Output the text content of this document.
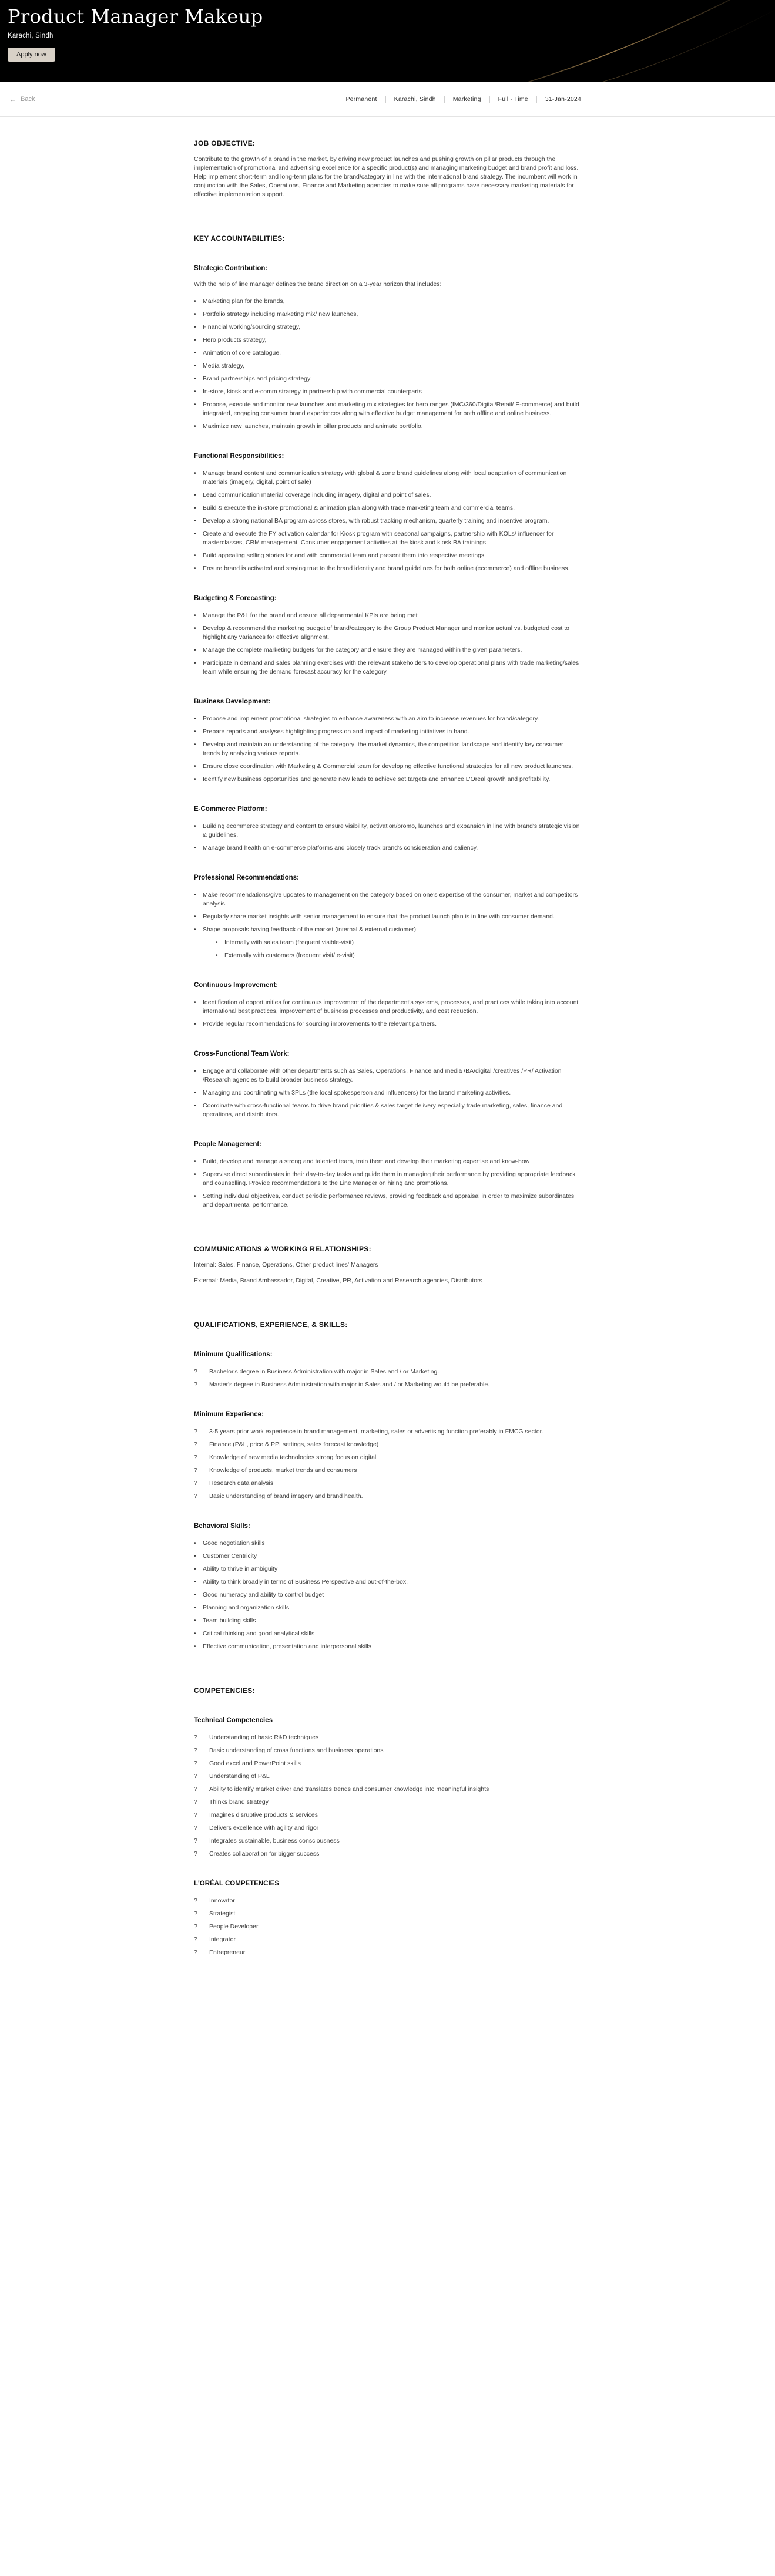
Product Manager Makeup
Karachi, Sindh
Apply now
← Back	Permanent	Karachi, Sindh	Marketing	Full - Time	31-Jan-2024
JOB OBJECTIVE:

Contribute to the growth of a brand in the market, by driving new product launches and pushing growth on pillar products through the implementation of promotional and advertising excellence for a specific product(s) and managing marketing budget and brand profit and loss. Help implement short-term and long-term plans for the brand/category in line with the international brand strategy. The incumbent will work in conjunction with the Sales, Operations, Finance and Marketing agencies to make sure all programs have necessary marketing materials for effective implementation support.

KEY ACCOUNTABILITIES:
Strategic Contribution:

With the help of line manager defines the brand direction on a 3-year horizon that includes:

• Marketing plan for the brands,
• Portfolio strategy including marketing mix/ new launches,
• Financial working/sourcing strategy,
• Hero products strategy,
• Animation of core catalogue,
• Media strategy,
• Brand partnerships and pricing strategy
• In-store, kiosk and e-comm strategy in partnership with commercial counterparts
• Propose, execute and monitor new launches and marketing mix strategies for hero ranges (IMC/360/Digital/Retail/ E-commerce) and build integrated, engaging consumer brand experiences along with effective budget management for both offline and online business.
• Maximize new launches, maintain growth in pillar products and animate portfolio.
Functional Responsibilities:
• Manage brand content and communication strategy with global & zone brand guidelines along with local adaptation of communication materials (imagery, digital, point of sale)
• Lead communication material coverage including imagery, digital and point of sales.
• Build & execute the in-store promotional & animation plan along with trade marketing team and commercial teams.
• Develop a strong national BA program across stores, with robust tracking mechanism, quarterly training and incentive program.
• Create and execute the FY activation calendar for Kiosk program with seasonal campaigns, partnership with KOLs/ influencer for masterclasses, CRM management, Consumer engagement activities at the kiosk and kiosk BA trainings.
• Build appealing selling stories for and with commercial team and present them into respective meetings.
• Ensure brand is activated and staying true to the brand identity and brand guidelines for both online (ecommerce) and offline business.
Budgeting & Forecasting:
• Manage the P&L for the brand and ensure all departmental KPIs are being met
• Develop & recommend the marketing budget of brand/category to the Group Product Manager and monitor actual vs. budgeted cost to highlight any variances for effective alignment.
• Manage the complete marketing budgets for the category and ensure they are managed within the given parameters.
• Participate in demand and sales planning exercises with the relevant stakeholders to develop operational plans with trade marketing/sales team while ensuring the demand forecast accuracy for the category.
Business Development:
• Propose and implement promotional strategies to enhance awareness with an aim to increase revenues for brand/category.
• Prepare reports and analyses highlighting progress on and impact of marketing initiatives in hand.
• Develop and maintain an understanding of the category; the market dynamics, the competition landscape and identify key consumer trends by analyzing various reports.
• Ensure close coordination with Marketing & Commercial team for developing effective functional strategies for all new product launches.
• Identify new business opportunities and generate new leads to achieve set targets and enhance L'Oreal growth and profitability.
E-Commerce Platform:
• Building ecommerce strategy and content to ensure visibility, activation/promo, launches and expansion in line with brand's strategic vision & guidelines.
• Manage brand health on e-commerce platforms and closely track brand's consideration and saliency.
Professional Recommendations:
• Make recommendations/give updates to management on the category based on one's expertise of the consumer, market and competitors analysis.
• Regularly share market insights with senior management to ensure that the product launch plan is in line with consumer demand.
• Shape proposals having feedback of the market (internal & external customer):
• Internally with sales team (frequent visible-visit)
• Externally with customers (frequent visit/ e-visit)
Continuous Improvement:
• Identification of opportunities for continuous improvement of the department's systems, processes, and practices while taking into account international best practices, improvement of business processes and productivity, and cost reduction.
• Provide regular recommendations for sourcing improvements to the relevant partners.
Cross-Functional Team Work:
• Engage and collaborate with other departments such as Sales, Operations, Finance and media /BA/digital /creatives /PR/ Activation /Research agencies to build broader business strategy.
• Managing and coordinating with 3PLs (the local spokesperson and influencers) for the brand marketing activities.
• Coordinate with cross-functional teams to drive brand priorities & sales target delivery especially trade marketing, sales, finance and operations, and distributors.
People Management:
• Build, develop and manage a strong and talented team, train them and develop their marketing expertise and know-how
• Supervise direct subordinates in their day-to-day tasks and guide them in managing their performance by providing appropriate feedback and counselling. Provide recommendations to the Line Manager on hiring and promotions.
• Setting individual objectives, conduct periodic performance reviews, providing feedback and appraisal in order to maximize subordinates and departmental performance.
COMMUNICATIONS & WORKING RELATIONSHIPS:

Internal: Sales, Finance, Operations, Other product lines' Managers

External: Media, Brand Ambassador, Digital, Creative, PR, Activation and Research agencies, Distributors

QUALIFICATIONS, EXPERIENCE, & SKILLS:
Minimum Qualifications:
? Bachelor's degree in Business Administration with major in Sales and / or Marketing.
? Master's degree in Business Administration with major in Sales and / or Marketing would be preferable.
Minimum Experience:
? 3-5 years prior work experience in brand management, marketing, sales or advertising function preferably in FMCG sector.
? Finance (P&L, price & PPI settings, sales forecast knowledge)
? Knowledge of new media technologies strong focus on digital
? Knowledge of products, market trends and consumers
? Research data analysis
? Basic understanding of brand imagery and brand health.
Behavioral Skills:
• Good negotiation skills
• Customer Centricity
• Ability to thrive in ambiguity
• Ability to think broadly in terms of Business Perspective and out-of-the-box.
• Good numeracy and ability to control budget
• Planning and organization skills
• Team building skills
• Critical thinking and good analytical skills
• Effective communication, presentation and interpersonal skills
COMPETENCIES:
Technical Competencies
? Understanding of basic R&D techniques
? Basic understanding of cross functions and business operations
? Good excel and PowerPoint skills
? Understanding of P&L
? Ability to identify market driver and translates trends and consumer knowledge into meaningful insights
? Thinks brand strategy
? Imagines disruptive products & services
? Delivers excellence with agility and rigor
? Integrates sustainable, business consciousness
? Creates collaboration for bigger success
L'ORÉAL COMPETENCIES
? Innovator
? Strategist
? People Developer
? Integrator
? Entrepreneur
